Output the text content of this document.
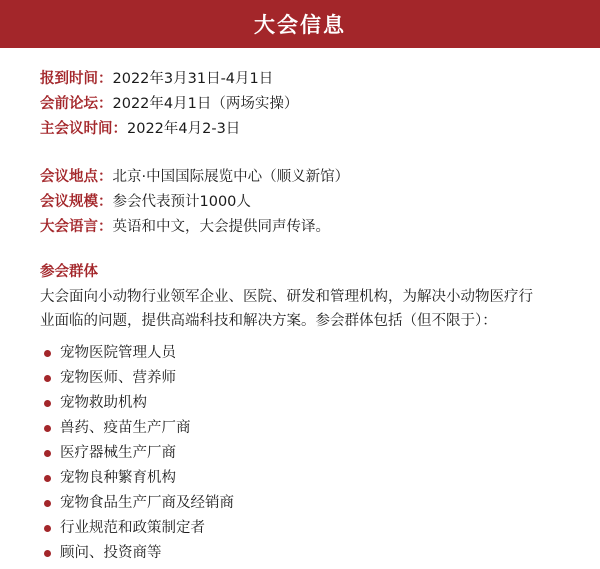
大会信息
报到时间：2022年3月31日-4月1日
会前论坛：2022年4月1日（两场实操）
主会议时间：2022年4月2-3日
会议地点：北京·中国国际展览中心（顺义新馆）
会议规模：参会代表预计1000人
大会语言：英语和中文，大会提供同声传译。
参会群体

大会面向小动物行业领军企业、医院、研发和管理机构，为解决小动物医疗行
业面临的问题，提供高端科技和解决方案。参会群体包括（但不限于）：

宠物医院管理人员
宠物医师、营养师
宠物救助机构
兽药、疫苗生产厂商
医疗器械生产厂商
宠物良种繁育机构
宠物食品生产厂商及经销商
行业规范和政策制定者
顾问、投资商等
